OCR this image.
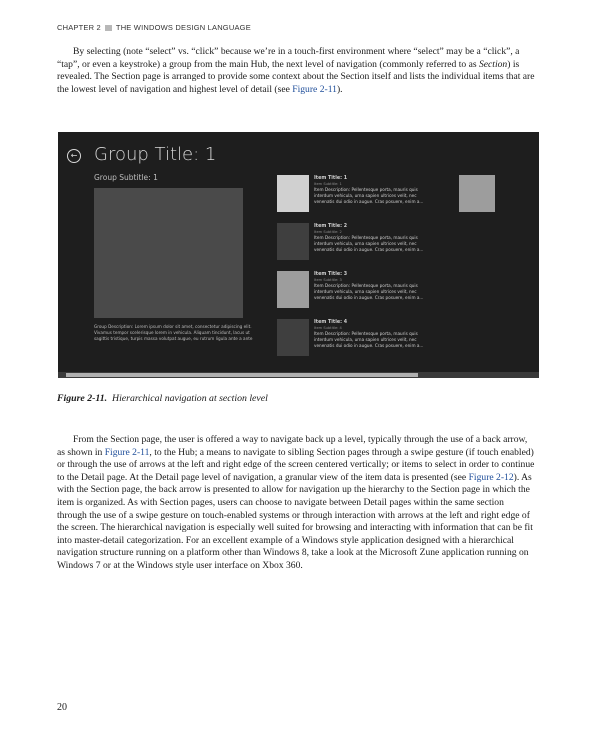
CHAPTER 2 THE WINDOWS DESIGN LANGUAGE

By selecting (note “select” vs. “click” because we’re in a touch-first environment where “select” may be a “click”, a “tap”, or even a keystroke) a group from the main Hub, the next level of navigation (commonly referred to as Section) is revealed. The Section page is arranged to provide some context about the Section itself and lists the individual items that are the lowest level of navigation and highest level of detail (see Figure 2-11).

← Group Title: 1
Group Subtitle: 1
Group Description: Lorem ipsum dolor sit amet, consectetur adipiscing elit. Vivamus tempor scelerisque lorem in vehicula. Aliquam tincidunt, lacus ut sagittis tristique, turpis massa volutpat augue, eu rutrum ligula ante a ante
Item Title: 1
Item Subtitle: 1
Item Description: Pellentesque porta, mauris quis interdum vehicula, urna sapien ultrices velit, nec venenatis dui odio in augue. Cras posuere, enim a...
Item Title: 2
Item Subtitle: 2
Item Description: Pellentesque porta, mauris quis interdum vehicula, urna sapien ultrices velit, nec venenatis dui odio in augue. Cras posuere, enim a...
Item Title: 3
Item Subtitle: 3
Item Description: Pellentesque porta, mauris quis interdum vehicula, urna sapien ultrices velit, nec venenatis dui odio in augue. Cras posuere, enim a...
Item Title: 4
Item Subtitle: 4
Item Description: Pellentesque porta, mauris quis interdum vehicula, urna sapien ultrices velit, nec venenatis dui odio in augue. Cras posuere, enim a...
Figure 2-11. Hierarchical navigation at section level

From the Section page, the user is offered a way to navigate back up a level, typically through the use of a back arrow, as shown in Figure 2-11, to the Hub; a means to navigate to sibling Section pages through a swipe gesture (if touch enabled) or through the use of arrows at the left and right edge of the screen centered vertically; or items to select in order to continue to the Detail page. At the Detail page level of navigation, a granular view of the item data is presented (see Figure 2-12). As with the Section page, the back arrow is presented to allow for navigation up the hierarchy to the Section page in which the item is organized. As with Section pages, users can choose to navigate between Detail pages within the same section through the use of a swipe gesture on touch-enabled systems or through interaction with arrows at the left and right edge of the screen. The hierarchical navigation is especially well suited for browsing and interacting with information that can be fit into master-detail categorization. For an excellent example of a Windows style application designed with a hierarchical navigation structure running on a platform other than Windows 8, take a look at the Microsoft Zune application running on Windows 7 or at the Windows style user interface on Xbox 360.

20
